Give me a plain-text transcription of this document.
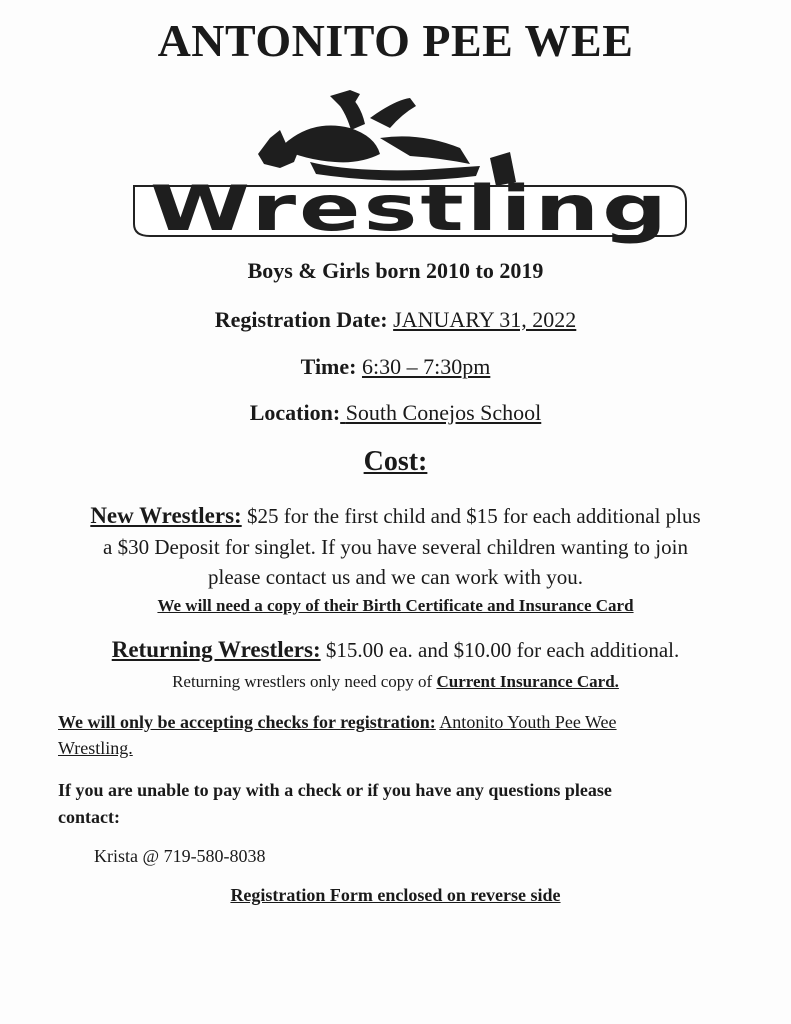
ANTONITO PEE WEE
Wrestling
Boys & Girls born 2010 to 2019
Registration Date: JANUARY 31, 2022
Time: 6:30 – 7:30pm
Location: South Conejos School
Cost:
New Wrestlers: $25 for the first child and $15 for each additional plus
a $30 Deposit for singlet. If you have several children wanting to join
please contact us and we can work with you.
We will need a copy of their Birth Certificate and Insurance Card
Returning Wrestlers: $15.00 ea. and $10.00 for each additional.
Returning wrestlers only need copy of Current Insurance Card.
We will only be accepting checks for registration: Antonito Youth Pee Wee
Wrestling.
If you are unable to pay with a check or if you have any questions please
contact:
Krista @ 719-580-8038
Registration Form enclosed on reverse side
